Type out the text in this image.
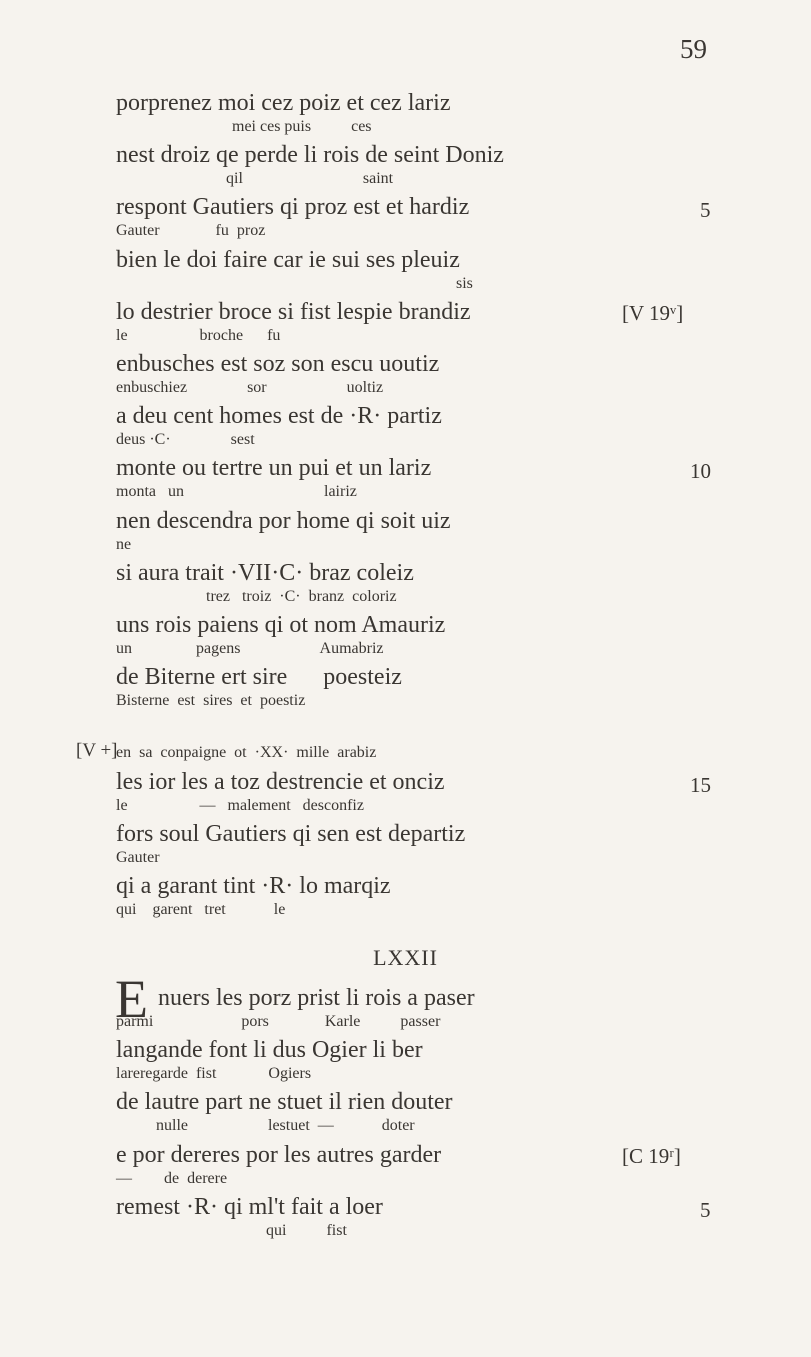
59
porprenez moi cez poiz et cez lariz
mei ces puis          ces
nest droiz qe perde li rois de seint Doniz
qil                              saint
respont Gautiers qi proz est et hardiz
Gauter              fu  proz
5
bien le doi faire car ie sui ses pleuiz
sis
lo destrier broce si fist lespie brandiz
le                  broche      fu
[V 19ᵛ]
enbusches est soz son escu uoutiz
enbuschiez               sor                    uoltiz
a deu cent homes est de ·R· partiz
deus ·C·               sest
monte ou tertre un pui et un lariz
monta   un                                   lairiz
10
nen descendra por home qi soit uiz
ne
si aura trait ·VII·C· braz coleiz
trez   troiz  ·C·  branz  coloriz
uns rois paiens qi ot nom Amauriz
un                pagens                    Aumabriz
de Biterne ert sire      poesteiz
Bisterne  est  sires  et  poestiz
en  sa  conpaigne  ot  ·XX·  mille  arabiz
[V +]
les ior les a toz destrencie et onciz
le                  —   malement   desconfiz
15
fors soul Gautiers qi sen est departiz
Gauter
qi a garant tint ·R· lo marqiz
qui    garent   tret            le
LXXII
E nuers les porz prist li rois a paser
parmi                      pors              Karle          passer
langande font li dus Ogier li ber
lareregarde  fist             Ogiers
de lautre part ne stuet il rien douter
nulle                    lestuet  —            doter
e por dereres por les autres garder
—        de  derere
[C 19ʳ]
remest ·R· qi ml't fait a loer
qui          fist
5
